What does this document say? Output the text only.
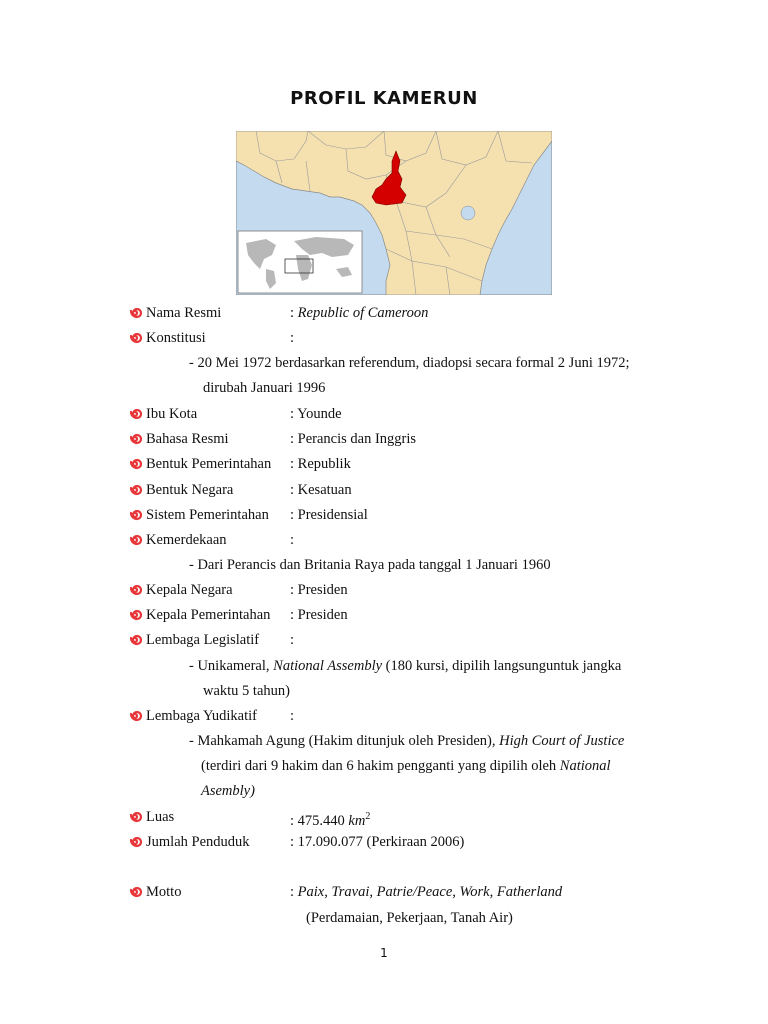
PROFIL KAMERUN
Nama Resmi	: Republic of Cameroon
Konstitusi	:
- 20 Mei 1972 berdasarkan referendum, diadopsi secara formal 2 Juni 1972;
dirubah Januari 1996
Ibu Kota	: Younde
Bahasa Resmi	: Perancis dan Inggris
Bentuk Pemerintahan : Republik
Bentuk Negara	: Kesatuan
Sistem Pemerintahan : Presidensial
Kemerdekaan	:
- Dari Perancis dan Britania Raya pada tanggal 1 Januari 1960
Kepala Negara	: Presiden
Kepala Pemerintahan : Presiden
Lembaga Legislatif :
- Unikameral, National Assembly (180 kursi, dipilih langsunguntuk jangka
waktu 5 tahun)
Lembaga Yudikatif :
- Mahkamah Agung (Hakim ditunjuk oleh Presiden), High Court of Justice
(terdiri dari 9 hakim dan 6 hakim pengganti yang dipilih oleh National
Asembly)
Luas	: 475.440 $km^2$
Jumlah Penduduk	: 17.090.077 (Perkiraan 2006)
Motto	: Paix, Travai, Patrie/Peace, Work, Fatherland
(Perdamaian, Pekerjaan, Tanah Air)
1
